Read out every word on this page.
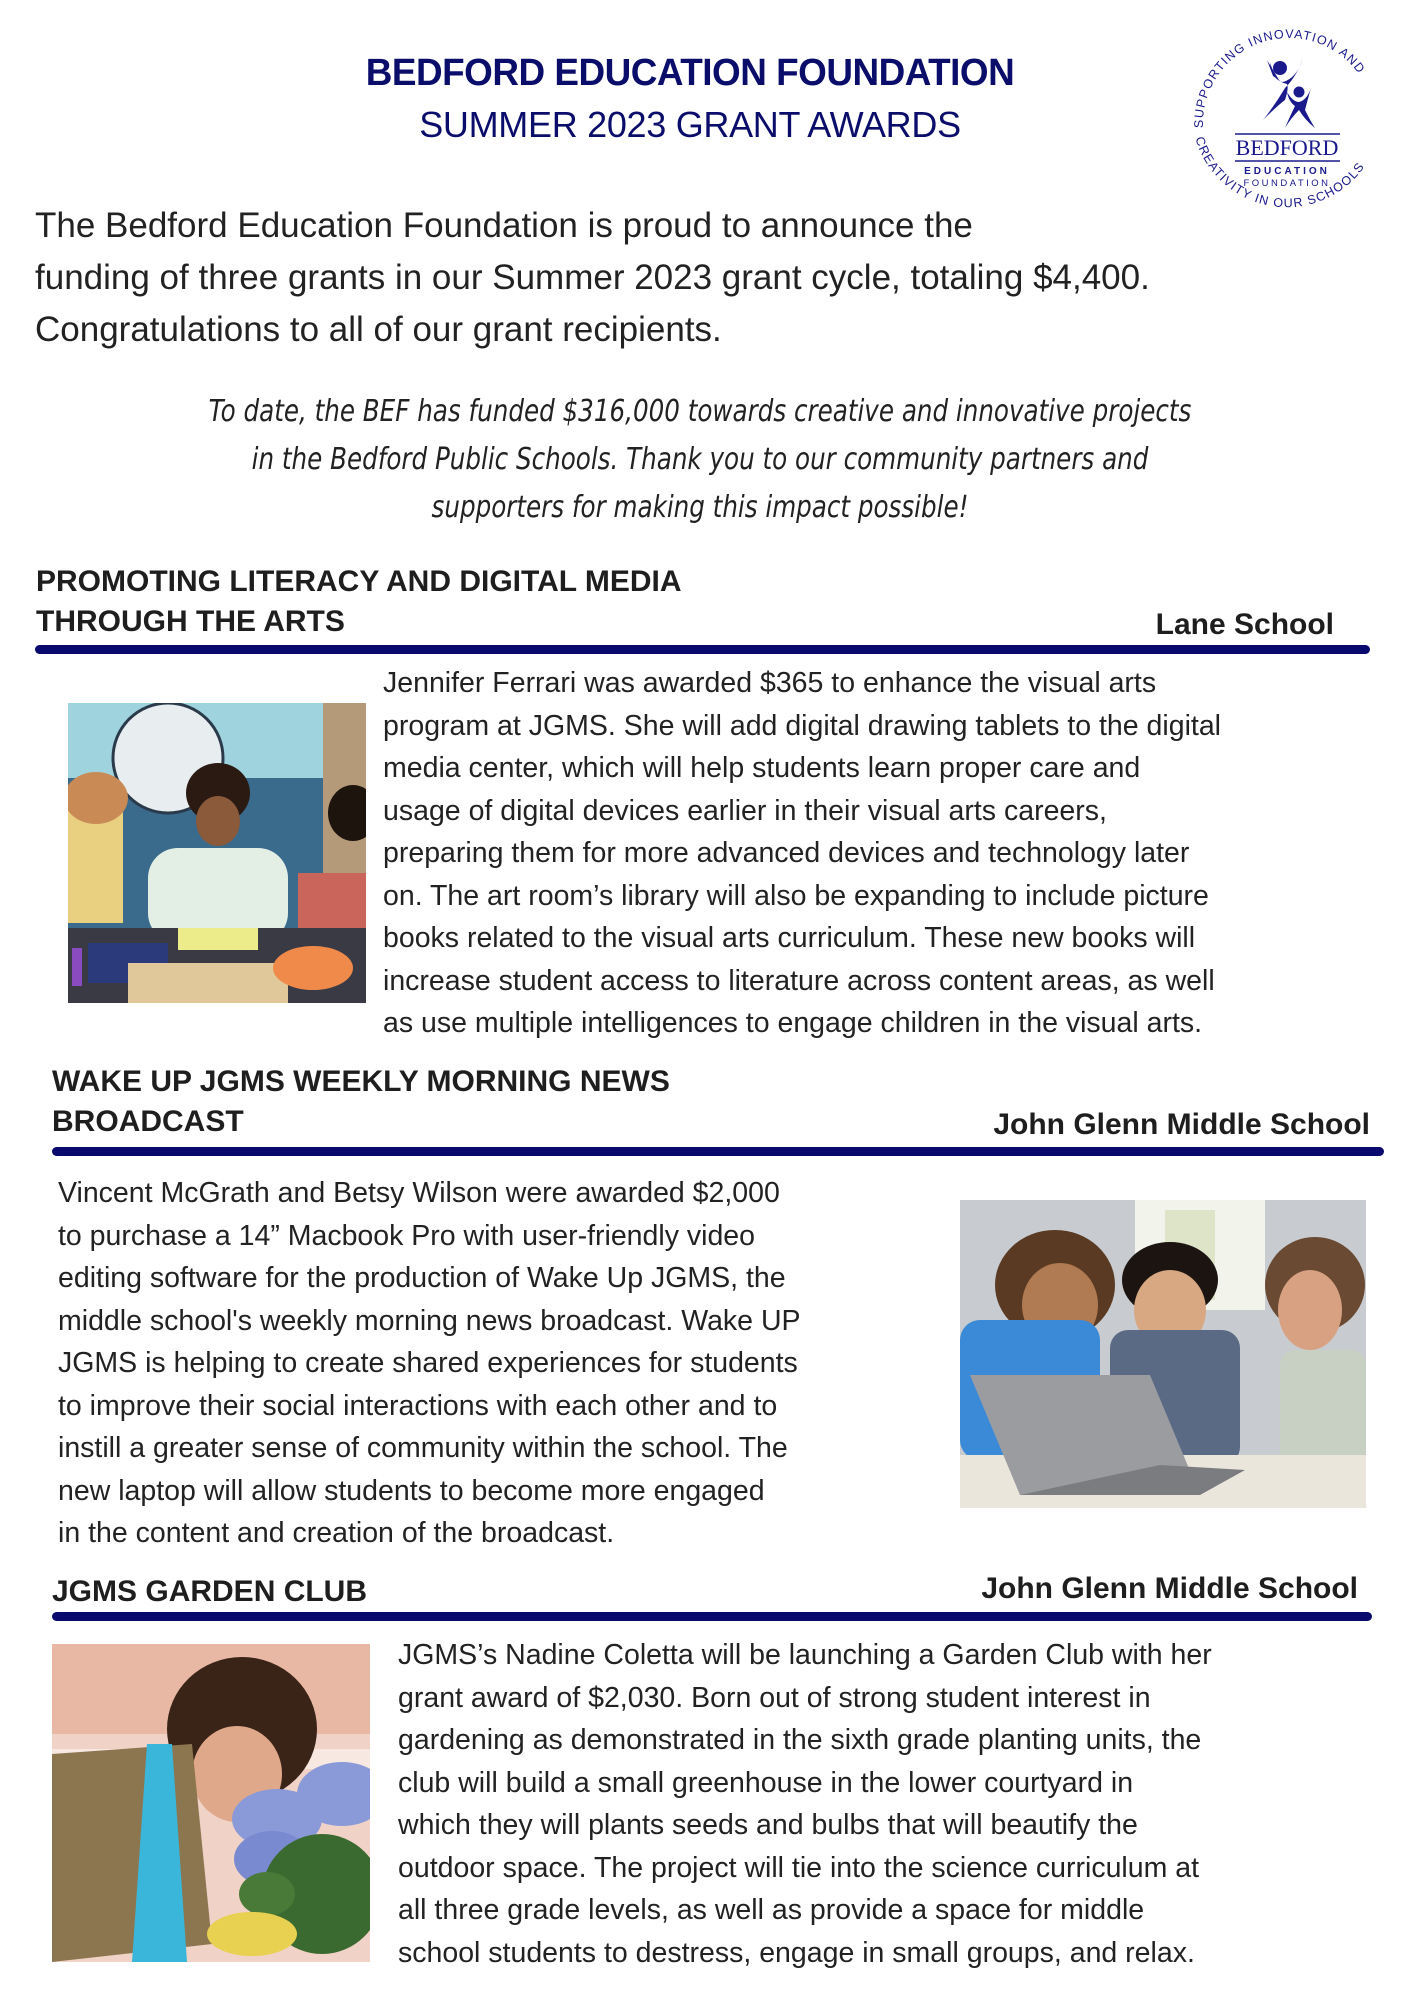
BEDFORD EDUCATION FOUNDATION
SUMMER 2023 GRANT AWARDS	SUPPORTING INNOVATION AND
CREATIVITY IN OUR SCHOOLS
BEDFORD
EDUCATION
FOUNDATION
The Bedford Education Foundation is proud to announce the
funding of three grants in our Summer 2023 grant cycle, totaling $4,400.
Congratulations to all of our grant recipients.
To date, the BEF has funded $316,000 towards creative and innovative projects
in the Bedford Public Schools. Thank you to our community partners and
supporters for making this impact possible!
PROMOTING LITERACY AND DIGITAL MEDIA
THROUGH THE ARTS	Lane School
Jennifer Ferrari was awarded $365 to enhance the visual arts
program at JGMS. She will add digital drawing tablets to the digital
media center, which will help students learn proper care and
usage of digital devices earlier in their visual arts careers,
preparing them for more advanced devices and technology later
on. The art room’s library will also be expanding to include picture
books related to the visual arts curriculum. These new books will
increase student access to literature across content areas, as well
as use multiple intelligences to engage children in the visual arts.
WAKE UP JGMS WEEKLY MORNING NEWS
BROADCAST	John Glenn Middle School
Vincent McGrath and Betsy Wilson were awarded $2,000
to purchase a 14” Macbook Pro with user-friendly video
editing software for the production of Wake Up JGMS, the
middle school's weekly morning news broadcast. Wake UP
JGMS is helping to create shared experiences for students
to improve their social interactions with each other and to
instill a greater sense of community within the school. The
new laptop will allow students to become more engaged
in the content and creation of the broadcast.
JGMS GARDEN CLUB	John Glenn Middle School
JGMS’s Nadine Coletta will be launching a Garden Club with her
grant award of $2,030. Born out of strong student interest in
gardening as demonstrated in the sixth grade planting units, the
club will build a small greenhouse in the lower courtyard in
which they will plants seeds and bulbs that will beautify the
outdoor space. The project will tie into the science curriculum at
all three grade levels, as well as provide a space for middle
school students to destress, engage in small groups, and relax.
